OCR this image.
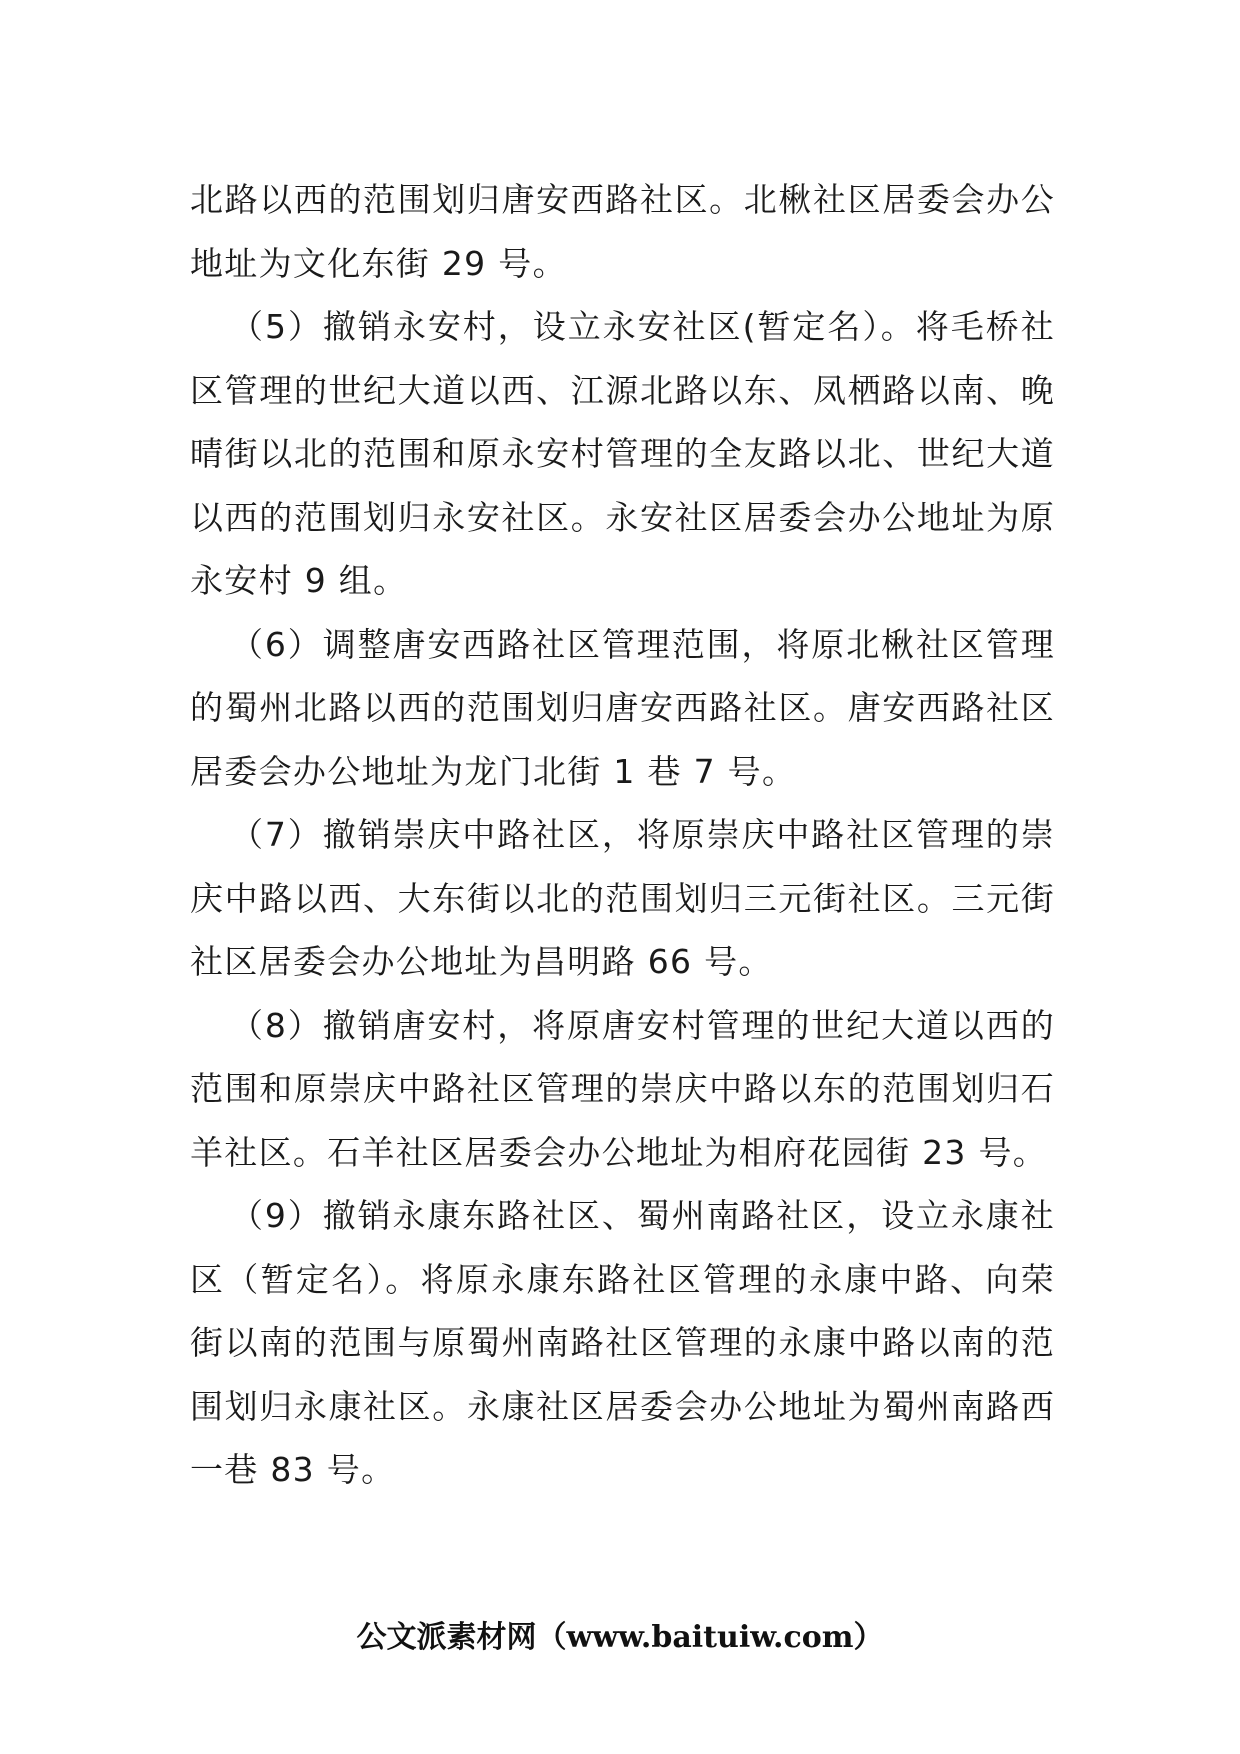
北路以西的范围划归唐安西路社区。北楸社区居委会办公地址为文化东街 29 号。

（5）撤销永安村，设立永安社区(暂定名）。将毛桥社区管理的世纪大道以西、江源北路以东、凤栖路以南、晚晴街以北的范围和原永安村管理的全友路以北、世纪大道以西的范围划归永安社区。永安社区居委会办公地址为原永安村 9 组。

（6）调整唐安西路社区管理范围，将原北楸社区管理的蜀州北路以西的范围划归唐安西路社区。唐安西路社区居委会办公地址为龙门北街 1 巷 7 号。

（7）撤销崇庆中路社区，将原崇庆中路社区管理的崇庆中路以西、大东街以北的范围划归三元街社区。三元街社区居委会办公地址为昌明路 66 号。

（8）撤销唐安村，将原唐安村管理的世纪大道以西的范围和原崇庆中路社区管理的崇庆中路以东的范围划归石羊社区。石羊社区居委会办公地址为相府花园街 23 号。

（9）撤销永康东路社区、蜀州南路社区，设立永康社区（暂定名）。将原永康东路社区管理的永康中路、向荣街以南的范围与原蜀州南路社区管理的永康中路以南的范围划归永康社区。永康社区居委会办公地址为蜀州南路西一巷 83 号。

公文派素材网（www.baituiw.com）
